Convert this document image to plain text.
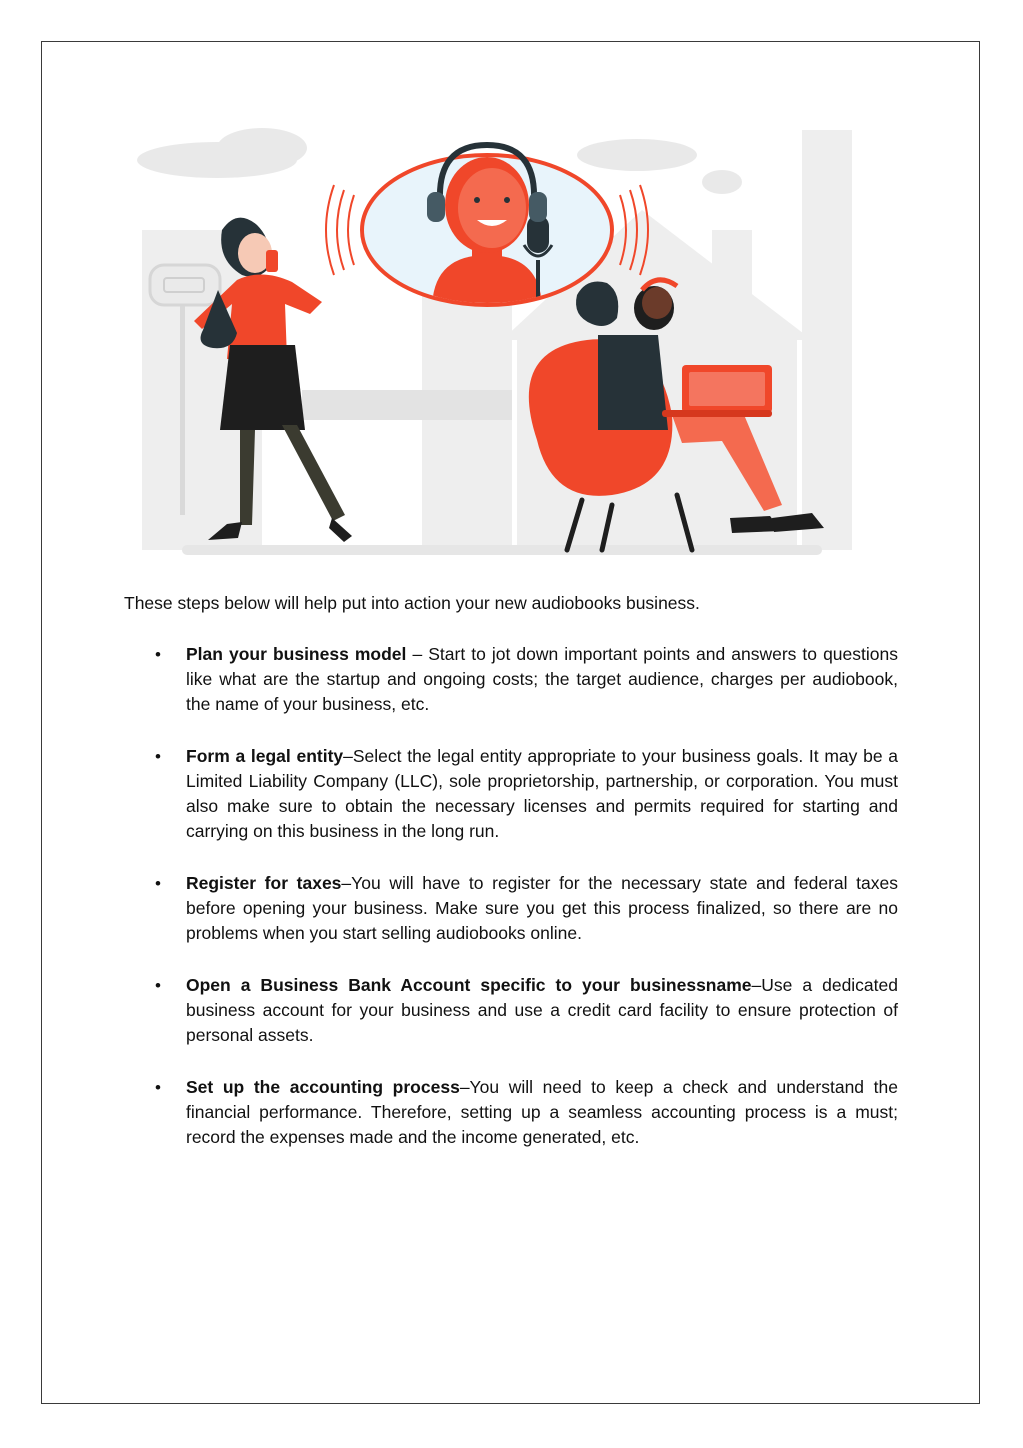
These steps below will help put into action your new audiobooks business.

• Plan your business model – Start to jot down important points and answers to questions like what are the startup and ongoing costs; the target audience, charges per audiobook, the name of your business, etc.
• Form a legal entity–Select the legal entity appropriate to your business goals. It may be a Limited Liability Company (LLC), sole proprietorship, partnership, or corporation. You must also make sure to obtain the necessary licenses and permits required for starting and carrying on this business in the long run.
• Register for taxes–You will have to register for the necessary state and federal taxes before opening your business. Make sure you get this process finalized, so there are no problems when you start selling audiobooks online.
• Open a Business Bank Account specific to your businessname–Use a dedicated business account for your business and use a credit card facility to ensure protection of personal assets.
• Set up the accounting process–You will need to keep a check and understand the financial performance. Therefore, setting up a seamless accounting process is a must; record the expenses made and the income generated, etc.
